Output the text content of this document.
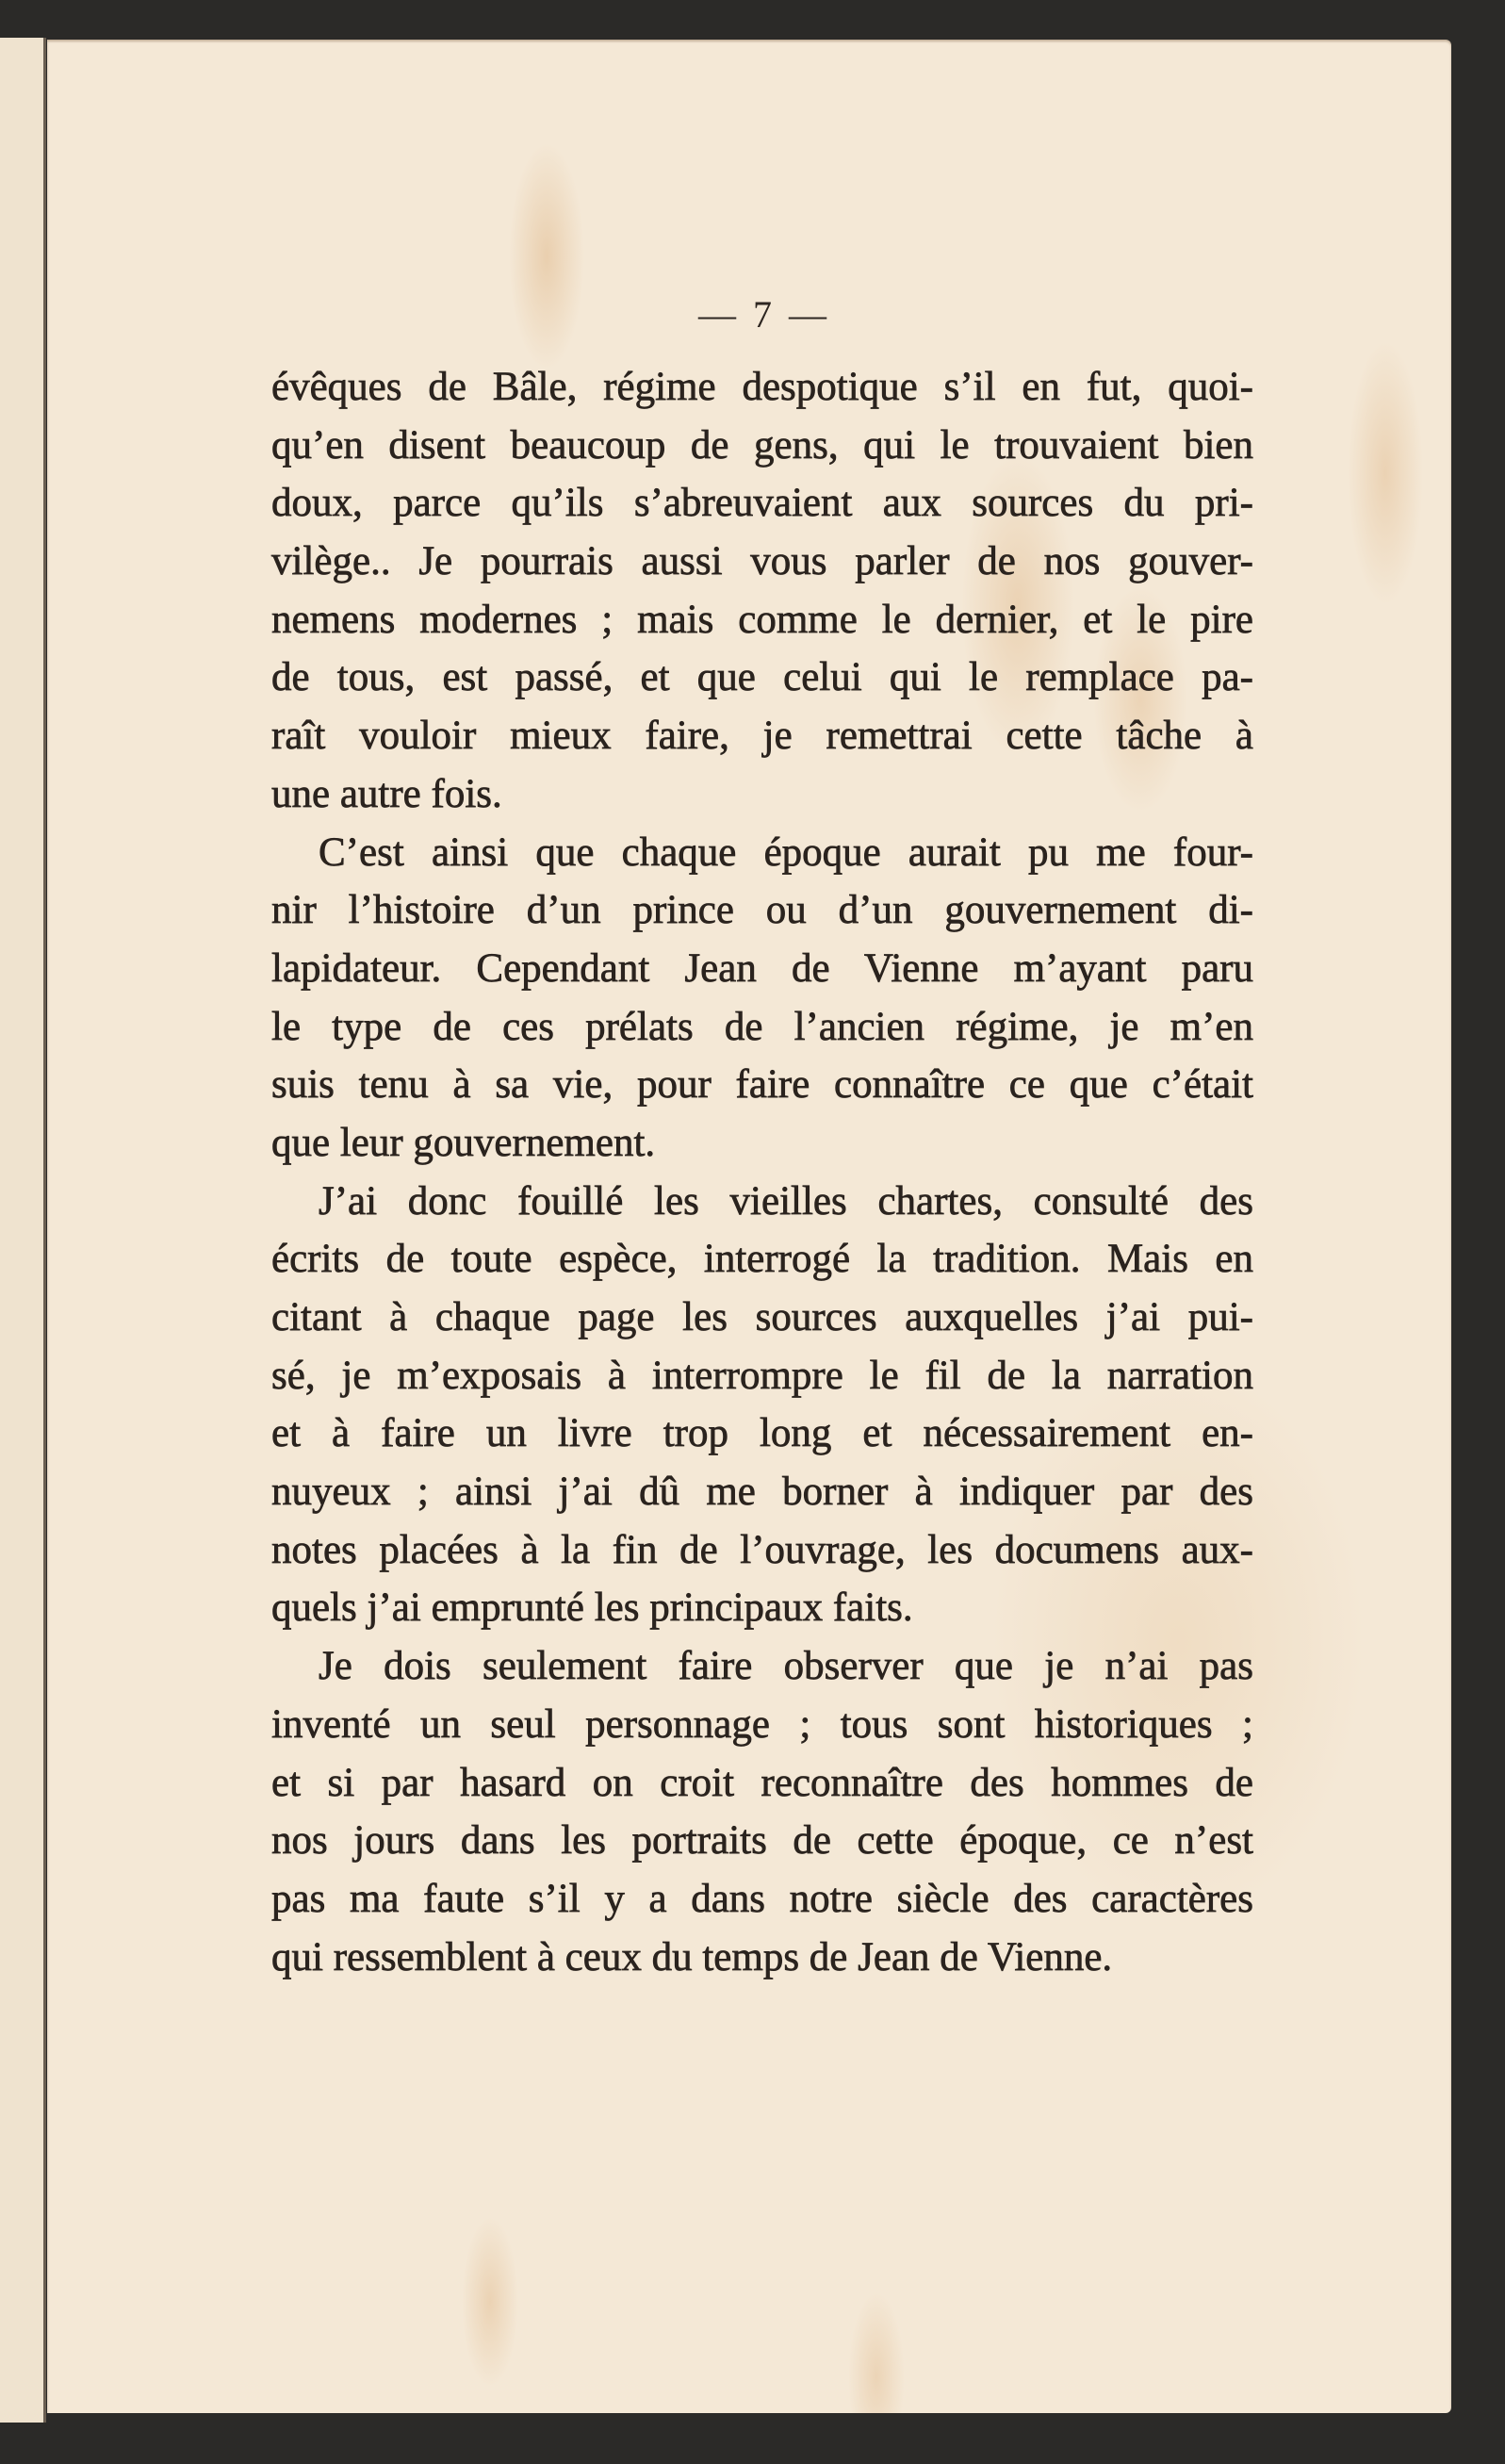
— 7 —
évêques de Bâle, régime despotique s’il en fut, quoi-
qu’en disent beaucoup de gens, qui le trouvaient bien
doux, parce qu’ils s’abreuvaient aux sources du pri-
vilège.. Je pourrais aussi vous parler de nos gouver-
nemens modernes ; mais comme le dernier, et le pire
de tous, est passé, et que celui qui le remplace pa-
raît vouloir mieux faire, je remettrai cette tâche à
une autre fois.
C’est ainsi que chaque époque aurait pu me four-
nir l’histoire d’un prince ou d’un gouvernement di-
lapidateur. Cependant Jean de Vienne m’ayant paru
le type de ces prélats de l’ancien régime, je m’en
suis tenu à sa vie, pour faire connaître ce que c’était
que leur gouvernement.
J’ai donc fouillé les vieilles chartes, consulté des
écrits de toute espèce, interrogé la tradition. Mais en
citant à chaque page les sources auxquelles j’ai pui-
sé, je m’exposais à interrompre le fil de la narration
et à faire un livre trop long et nécessairement en-
nuyeux ; ainsi j’ai dû me borner à indiquer par des
notes placées à la fin de l’ouvrage, les documens aux-
quels j’ai emprunté les principaux faits.
Je dois seulement faire observer que je n’ai pas
inventé un seul personnage ; tous sont historiques ;
et si par hasard on croit reconnaître des hommes de
nos jours dans les portraits de cette époque, ce n’est
pas ma faute s’il y a dans notre siècle des caractères
qui ressemblent à ceux du temps de Jean de Vienne.
